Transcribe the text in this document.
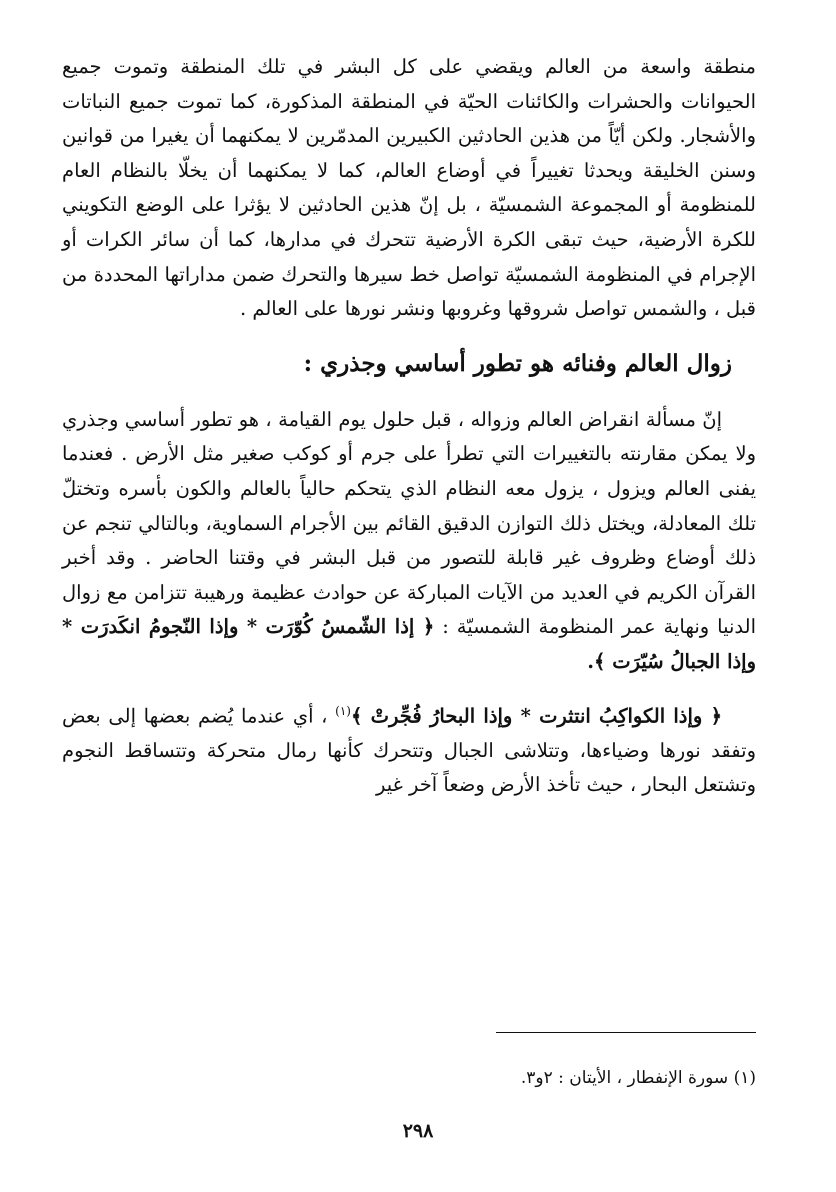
منطقة واسعة من العالم ويقضي على كل البشر في تلك المنطقة وتموت جميع الحيوانات والحشرات والكائنات الحيّة في المنطقة المذكورة، كما تموت جميع النباتات والأشجار. ولكن أيّاً من هذين الحادثين الكبيرين المدمّرين لا يمكنهما أن يغيرا من قوانين وسنن الخليقة ويحدثا تغييراً في أوضاع العالم، كما لا يمكنهما أن يخلّا بالنظام العام للمنظومة أو المجموعة الشمسيّة ، بل إنّ هذين الحادثين لا يؤثرا على الوضع التكويني للكرة الأرضية، حيث تبقى الكرة الأرضية تتحرك في مدارها، كما أن سائر الكرات أو الإجرام في المنظومة الشمسيّة تواصل خط سيرها والتحرك ضمن مداراتها المحددة من قبل ، والشمس تواصل شروقها وغروبها ونشر نورها على العالم .

زوال العالم وفنائه هو تطور أساسي وجذري :

إنّ مسألة انقراض العالم وزواله ، قبل حلول يوم القيامة ، هو تطور أساسي وجذري ولا يمكن مقارنته بالتغييرات التي تطرأ على جرم أو كوكب صغير مثل الأرض . فعندما يفنى العالم ويزول ، يزول معه النظام الذي يتحكم حالياً بالعالم والكون بأسره وتختلّ تلك المعادلة، ويختل ذلك التوازن الدقيق القائم بين الأجرام السماوية، وبالتالي تنجم عن ذلك أوضاع وظروف غير قابلة للتصور من قبل البشر في وقتنا الحاضر . وقد أخبر القرآن الكريم في العديد من الآيات المباركة عن حوادث عظيمة ورهيبة تتزامن مع زوال الدنيا ونهاية عمر المنظومة الشمسيّة : ﴿ إذا الشّمسُ كُوّرَت * وإذا النّجومُ انكَدرَت * وإذا الجبالُ سُيّرَت ﴾.

﴿ وإذا الكواكِبُ انتثرت * وإذا البحارُ فُجِّرتْ ﴾$^{(١)}$ ، أي عندما يُضم بعضها إلى بعض وتفقد نورها وضياءها، وتتلاشى الجبال وتتحرك كأنها رمال متحركة وتتساقط النجوم وتشتعل البحار ، حيث تأخذ الأرض وضعاً آخر غير

(١) سورة الإنفطار ، الأيتان : ٢و٣.
٢٩٨
